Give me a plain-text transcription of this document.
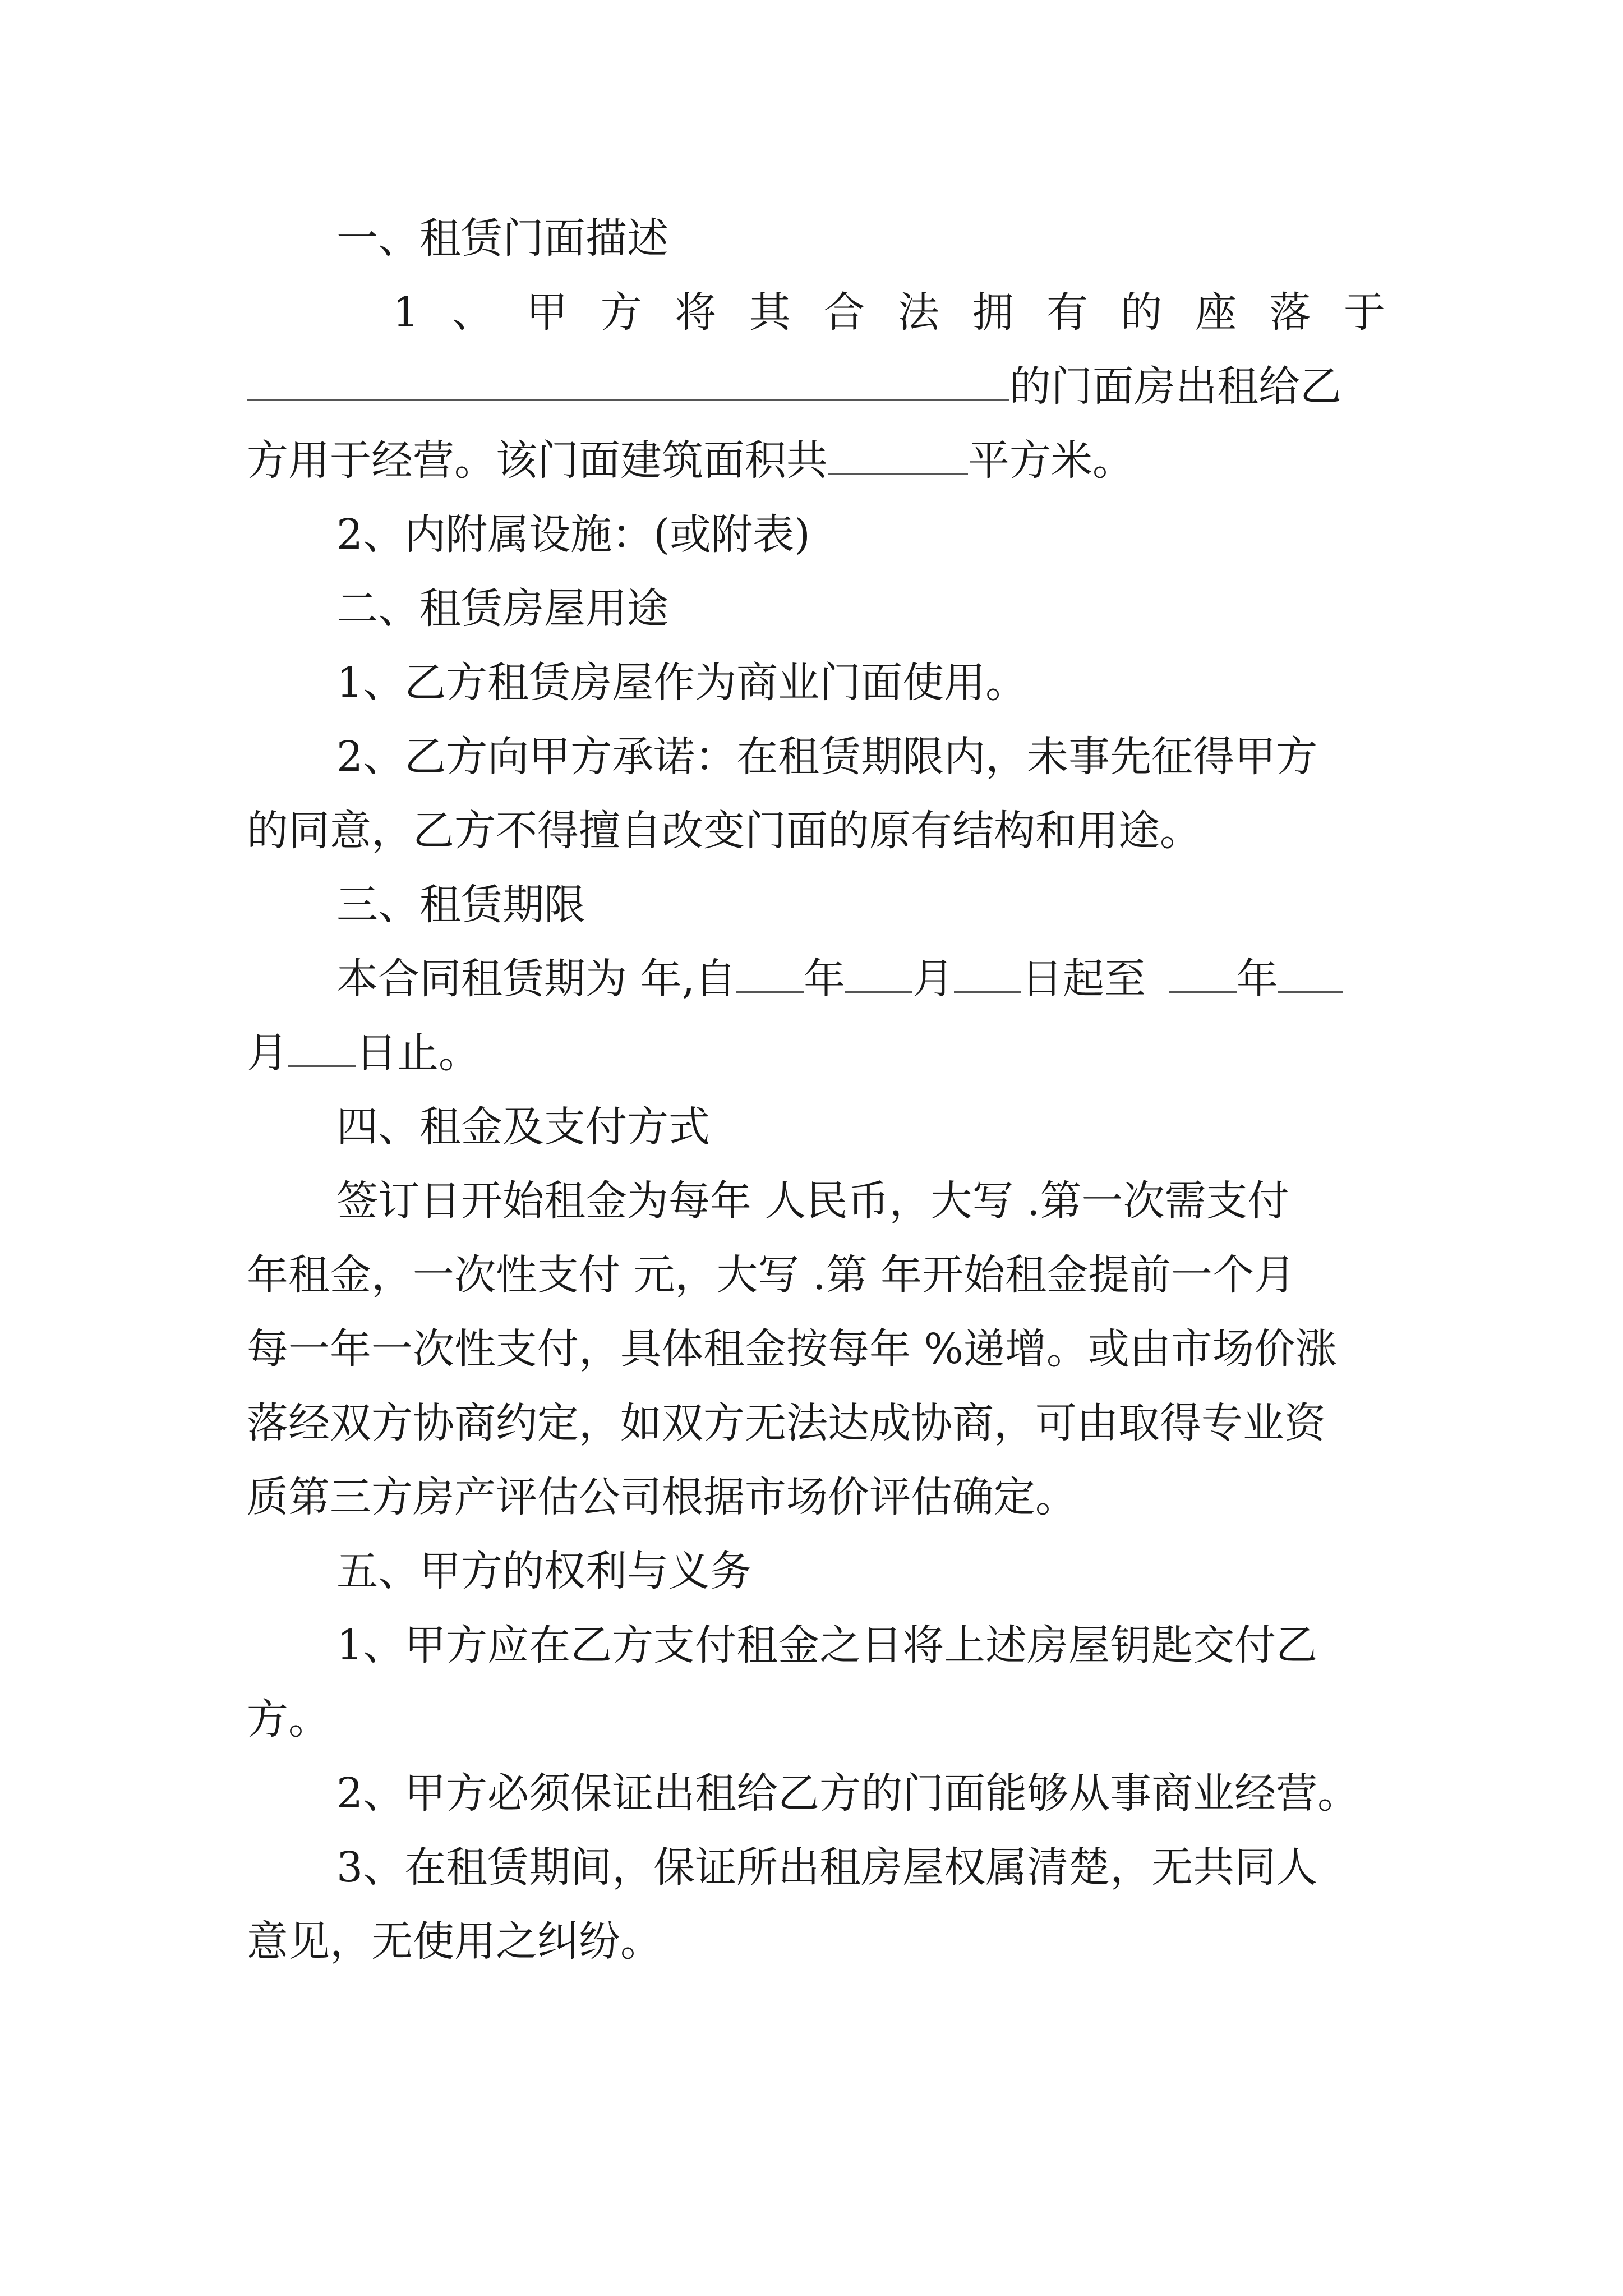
一、租赁门面描述
1 、 甲 方 将 其 合 法 拥 有 的 座 落 于
的门面房出租给乙
方用于经营。该门面建筑面积共	平方米。
2、内附属设施：(或附表)
二、租赁房屋用途
1、乙方租赁房屋作为商业门面使用。
2、乙方向甲方承诺：在租赁期限内，未事先征得甲方
的同意，乙方不得擅自改变门面的原有结构和用途。
三、租赁期限
本合同租赁期为 年,自 年 月 日起至 年
月 日止。
四、租金及支付方式
签订日开始租金为每年 人民币，大写 .第一次需支付
年租金，一次性支付 元，大写 .第 年开始租金提前一个月
每一年一次性支付，具体租金按每年 %递增。或由市场价涨
落经双方协商约定，如双方无法达成协商，可由取得专业资
质第三方房产评估公司根据市场价评估确定。
五、甲方的权利与义务
1、甲方应在乙方支付租金之日将上述房屋钥匙交付乙
方。
2、甲方必须保证出租给乙方的门面能够从事商业经营。
3、在租赁期间，保证所出租房屋权属清楚，无共同人
意见，无使用之纠纷。
